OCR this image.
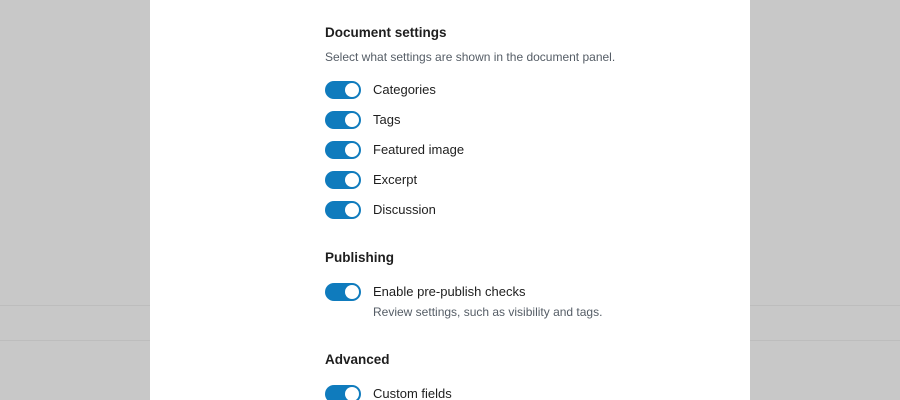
Document settings

Select what settings are shown in the document panel.

Categories
Tags
Featured image
Excerpt
Discussion
Publishing
Enable pre-publish checks
Review settings, such as visibility and tags.
Advanced
Custom fields
